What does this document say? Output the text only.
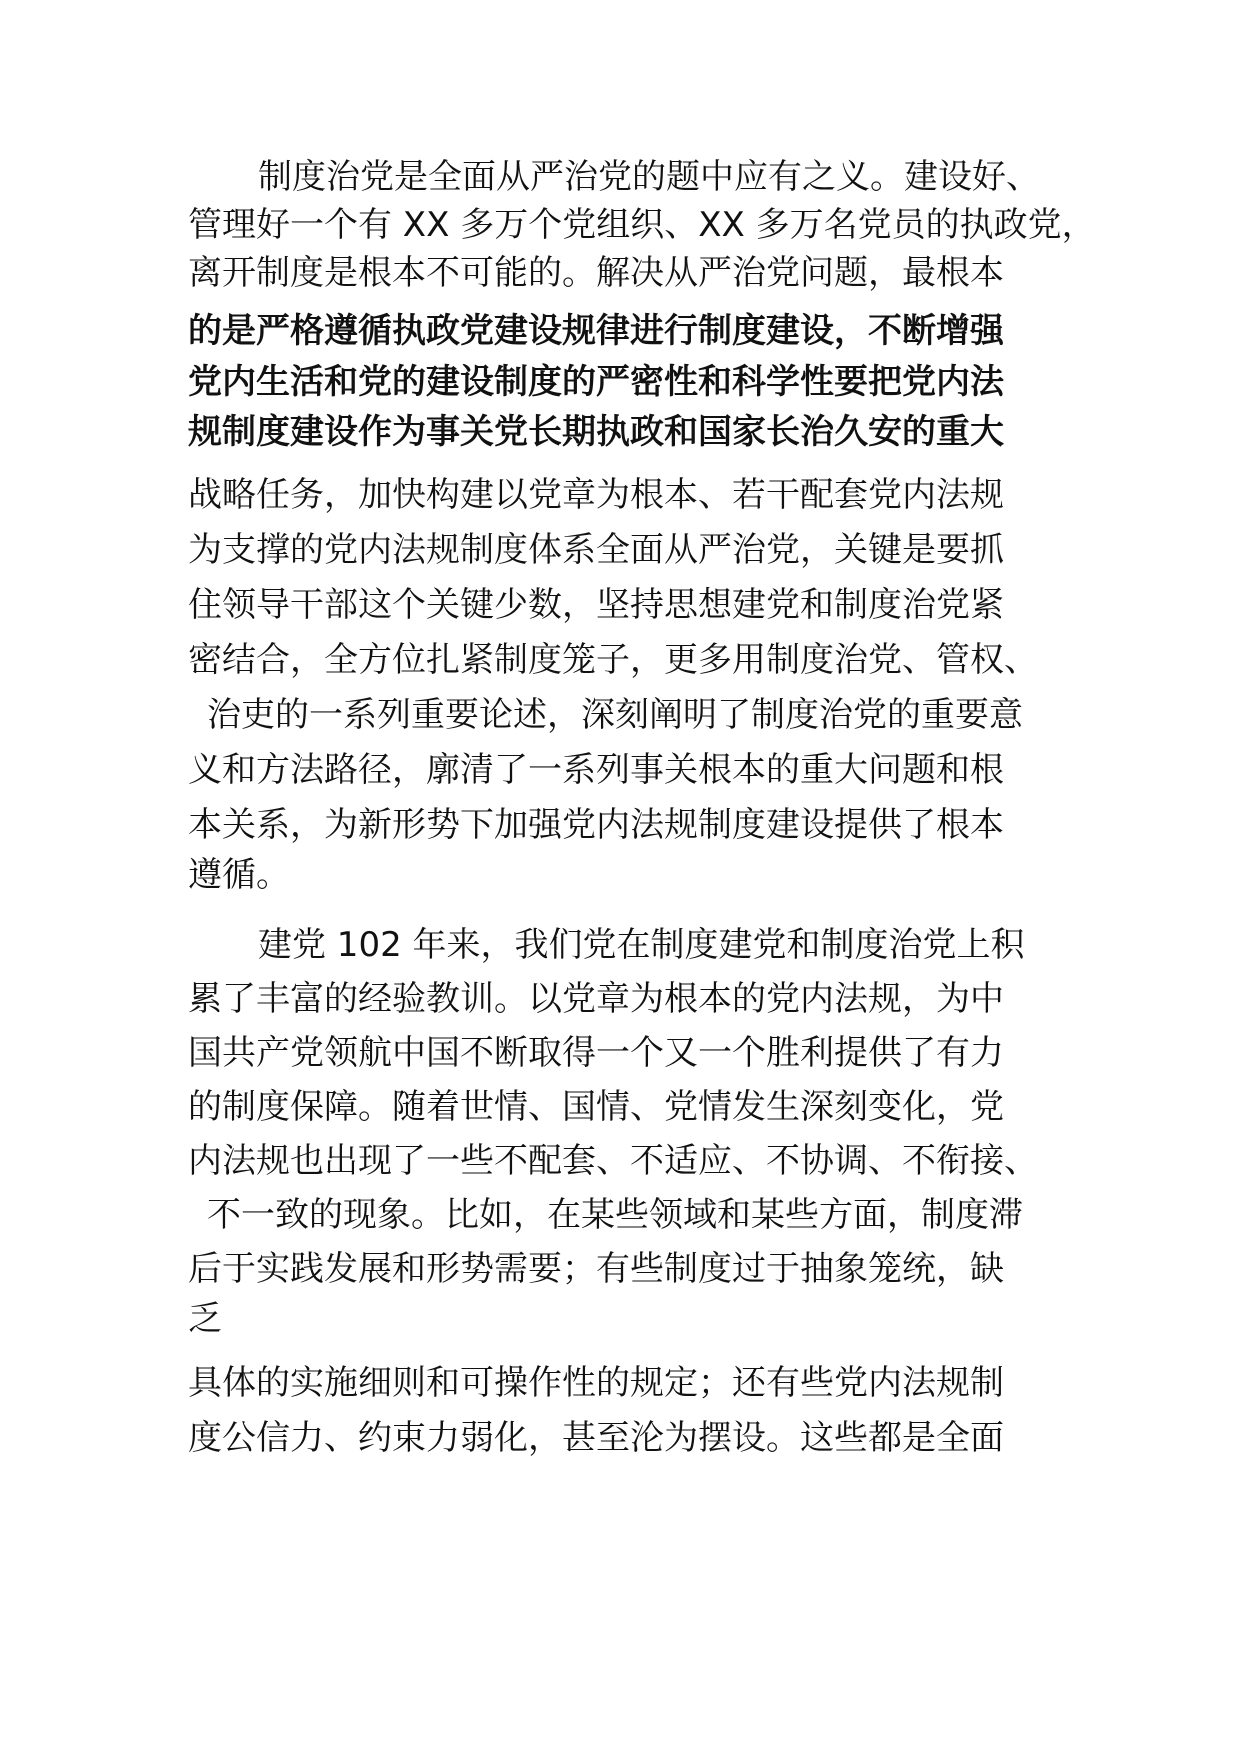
制度治党是全面从严治党的题中应有之义。建设好、
管理好一个有 XX 多万个党组织、XX 多万名党员的执政党，
离开制度是根本不可能的。解决从严治党问题，最根本
的是严格遵循执政党建设规律进行制度建设，不断增强
党内生活和党的建设制度的严密性和科学性要把党内法
规制度建设作为事关党长期执政和国家长治久安的重大
战略任务，加快构建以党章为根本、若干配套党内法规
为支撑的党内法规制度体系全面从严治党，关键是要抓
住领导干部这个关键少数，坚持思想建党和制度治党紧
密结合，全方位扎紧制度笼子，更多用制度治党、管权、
治吏的一系列重要论述，深刻阐明了制度治党的重要意
义和方法路径，廓清了一系列事关根本的重大问题和根
本关系，为新形势下加强党内法规制度建设提供了根本
遵循。
建党 102 年来，我们党在制度建党和制度治党上积
累了丰富的经验教训。以党章为根本的党内法规，为中
国共产党领航中国不断取得一个又一个胜利提供了有力
的制度保障。随着世情、国情、党情发生深刻变化，党
内法规也出现了一些不配套、不适应、不协调、不衔接、
不一致的现象。比如，在某些领域和某些方面，制度滞
后于实践发展和形势需要；有些制度过于抽象笼统，缺
乏
具体的实施细则和可操作性的规定；还有些党内法规制
度公信力、约束力弱化，甚至沦为摆设。这些都是全面
